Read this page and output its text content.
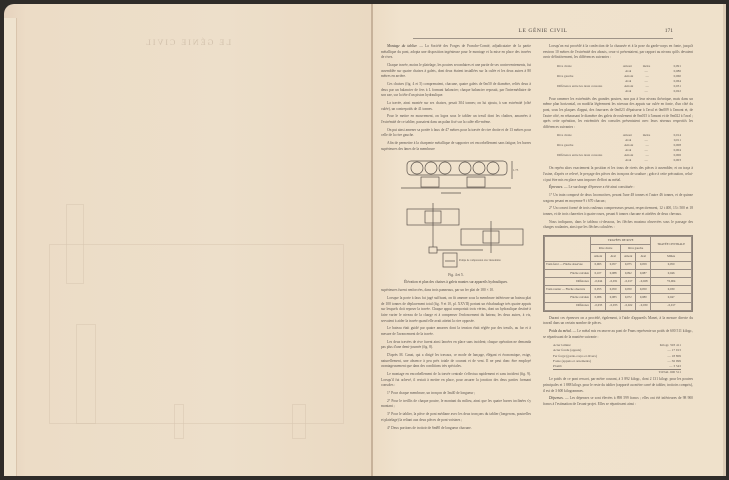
LE GÉNIE CIVIL
LE GÉNIE CIVIL	171

Montage du tablier. — La Société des Forges de Franche-Comté, adjudicataire de la partie métallique du pont, adopta une disposition ingénieuse pour le montage et la mise en place des travées de rives.

Chaque travée, moins le platelage, les poutres secondaires et une partie de ses contreventements, fut assemblée sur quatre chaises à galets, dont deux étaient installées sur la culée et les deux autres à 80 mètres en arrière.

Ces chaises (fig. 4 et 5) comprenaient, chacune, quatre galets de 0m50 de diamètre, reliés deux à deux par un balancier de fers à L formant balancier; chaque balancier reposait, par l'intermédiaire de son axe, sur la tête d'un piston hydraulique.

La travée, ainsi montée sur ses chaises, pesait 304 tonnes; on lui ajouta, à son extrémité (côté culée), un contrepoids de 41 tonnes.

Pour le mettre en mouvement, on logea sous le tablier un treuil dont les chaînes, amarrées à l'extrémité de ce tablier, passaient dans un palan fixé sur la culée elle-même.

On put ainsi amener sa portée à faux de 47 mètres pour la travée de rive droite et de 13 mètres pour celle de la rive gauche.

Afin de permettre à la charpente métallique de supporter cet encorbellement sans fatigue, les barres supérieures des âmes de la membrure

1.75
Pompe de compression avec manomètre
Fig. 4 et 5.
Élévation et plan des chaises à galets munies sur appareils hydrauliques.

supérieures furent renforcées, dans trois panneaux, par un fer plat de 180 × 10.

Lorsque la porte à faux fut jugé suffisant, on fit amener sous la membrure inférieure un bateau plat de 100 tonnes de déplacement total (fig. 9 et 10, pl. XXVII) portant un échafaudage très quatre appuis sur lesquels doit reposer la travée. Chaque appui comportait trois vérins, dont un hydraulique destiné à faire varier le niveau de la charge et à compenser l'enfoncement du bateau; les deux autres, à vis, servaient à aider la travée quand elle avait atteint la rive opposée.

Le bateau était guidé par quatre amarres dont la tension était réglée par des treuils, au fur et à mesure de l'avancement de la travée.

Les deux travées de rive furent ainsi lancées en place sans incident; chaque opération ne demanda pas plus d'une demi-journée (fig. 8).

D'après M. Canat, qui a dirigé les travaux, ce mode de lançage, élégant et économique, exige, naturellement, une absence à peu près totale de courant et de vent. Il ne peut donc être employé avantageusement que dans des conditions très spéciales.

Le montage en encorbellement de la travée centrale s'effectua rapidement et sans incident (fig. 9). Lorsqu'il fut achevé, il restait à mettre en place, pour assurer la jonction des deux parties formant consoles :

1° Pour chaque membrure, un tronçon de 3m40 de longueur ;

2° Pour le treillis de chaque poutre, le montant du milieu, ainsi que les quatre barres inclinées s'y montant ;

3° Pour le tablier, la pièce de pont médiane avec les deux tronçons du tablier (longerons, poutrelles et platelage) la reliant aux deux pièces de pont voisines ;

4° Deux portions de trottoir de 6m80 de longueur chacune.

Lorsqu'on eut procédé à la confection de la chaussée et à la pose du garde-corps en fonte, jusqu'à environ 10 mètres de l'extrémité des abouts, ceux-ci présentaient, par rapport au niveau qu'ils devaient avoir définitivement, les différences suivantes :

Rive droite	Amont	mètre	0,091
Aval	—	0,086
Rive gauche	Amont	—	0,060
Aval	—	0,064
Différence entre les deux consoles	Amont	—	0,031
Aval	—	0,022

Pour ramener les extrémités des grandes poutres, non pas à leur niveau théorique, mais dans un même plan horizontal, on modifia légèrement les niveaux des appuis sur culée en fonte, d'un côté du pont, sous les plaques d'appui, des fourrures de 0m023 d'épaisseur à l'aval et 0m009 à l'amont et, de l'autre côté, en rehaussant le diamètre des galets de roulement de 0m015 à l'amont et de 0m022 à l'aval ; après cette opération, les extrémités des consoles présentaient avec leurs niveaux respectifs les différences suivantes :

Rive droite	Amont	mètre	0,014
Aval	—	0,011
Rive gauche	Amont	—	0,008
Aval	—	0,004
Différence entre les deux consoles	Amont	—	0,006
Aval	—	0,003

On repéra alors exactement la position et les trous de rivets des pièces à assembler, et on traça à l'usine, d'après ce relevé, le perçage des pièces des tronçons de soudure ; grâce à cette précaution, celui-ci put être mis en place sans imposer d'effort au métal.

Épreuves. — Le surcharge d'épreuve a été ainsi constituée :

1° Un train composé de deux locomotives, pesant l'une 48 tonnes et l'autre 46 tonnes, et de quinze wagons pesant en moyenne 9 t 670 chacun ;

2° Un convoi formé de trois rouleaux compresseurs pesant, respectivement, 12 t 400, 13 t 500 et 18 tonnes, et de trois charrettes à quatre roues, pesant 6 tonnes chacune et attelées de deux chevaux.

Nous indiquons, dans le tableau ci-dessous, les flèches maxima observées sous le passage des charges roulantes, ainsi que les flèches calculées :

	TRAVÉES DE RIVE				TRAVÉE CENTRALE
	Rive droite		Rive gauche		
	Amont	Aval	Amont	Aval	Milieu
Train ferré — Flèche observée	0,063	0,057	0,075	0,059	0,050
Flèche calculée	0,107	0,088	0,092	0,087	0,046
Différence	−0,044	−0,031	−0,017	−0,028	+0,004
Train routier — Flèche observée	0,053	0,050	0,050	0,050	0,030
Flèche calculée	0,086	0,083	0,072	0,080	0,047
Différence	−0,033	−0,033	−0,022	−0,030	−0,017

Durant ces épreuves on a procédé, également, à l'aide d'appareils Manet, à la mesure directe du travail dans un certain nombre de pièces.

Poids du métal. — Le métal mis en œuvre au pont de Frans représente un poids de 600 511 kilogr., se répartissant de la manière suivante :

Acier laminé	Kilogr. 593 411
Acier fondu (appuis)	— 17 013
Fer forgé (garde-corps et divers)	— 18 809
Fonte (appuis et ornements)	— 36 999
Plomb	— 3 543
TOTAL 600 511

Le poids de ce pont ressort, par mètre courant, à 3 892 kilogr., dont 2 131 kilogr. pour les poutres principales et 1 888 kilogr. pour le reste du tablier (rapporté au mètre carré de tablier, trottoirs compris), il est de 3 600 kilogrammes.

Dépenses. — Les dépenses se sont élevées à 898 599 francs ; elles ont été inférieures de 98 900 francs à l'estimation de l'avant-projet. Elles se répartissent ainsi :
